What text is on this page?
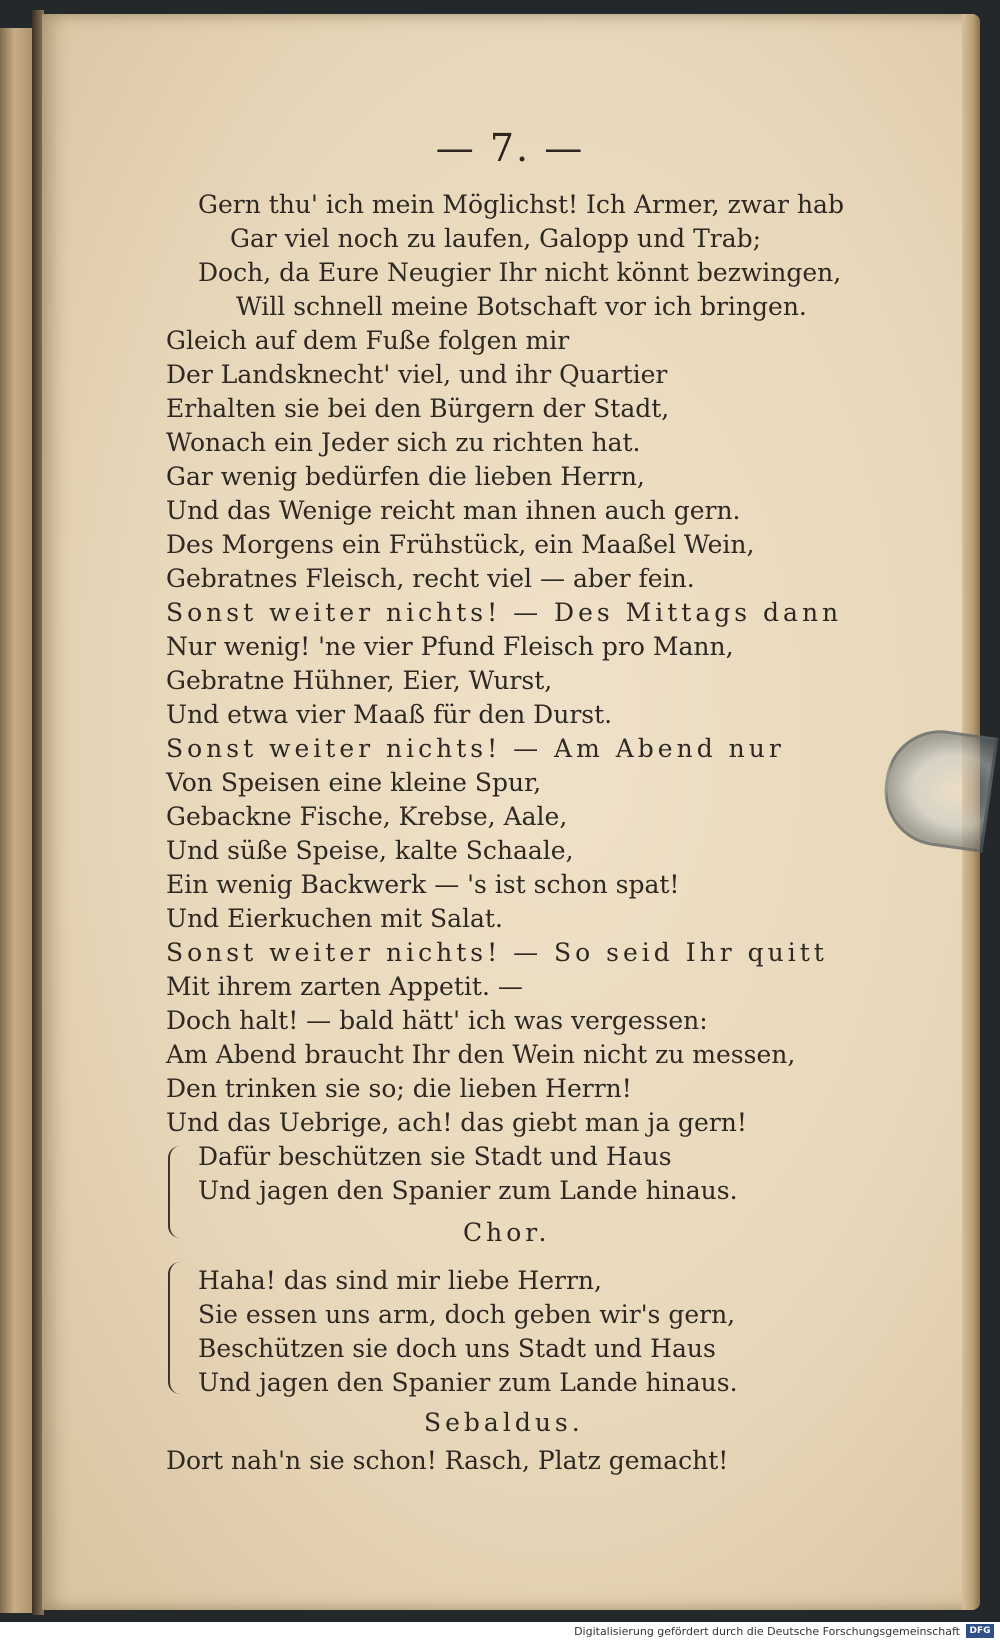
— 7. —
Gern thu' ich mein Möglichst! Ich Armer, zwar hab
Gar viel noch zu laufen, Galopp und Trab;
Doch, da Eure Neugier Ihr nicht könnt bezwingen,
Will schnell meine Botschaft vor ich bringen.
Gleich auf dem Fuße folgen mir
Der Landsknecht' viel, und ihr Quartier
Erhalten sie bei den Bürgern der Stadt,
Wonach ein Jeder sich zu richten hat.
Gar wenig bedürfen die lieben Herrn,
Und das Wenige reicht man ihnen auch gern.
Des Morgens ein Frühstück, ein Maaßel Wein,
Gebratnes Fleisch, recht viel — aber fein.
Sonst weiter nichts! — Des Mittags dann
Nur wenig! 'ne vier Pfund Fleisch pro Mann,
Gebratne Hühner, Eier, Wurst,
Und etwa vier Maaß für den Durst.
Sonst weiter nichts! — Am Abend nur
Von Speisen eine kleine Spur,
Gebackne Fische, Krebse, Aale,
Und süße Speise, kalte Schaale,
Ein wenig Backwerk — 's ist schon spat!
Und Eierkuchen mit Salat.
Sonst weiter nichts! — So seid Ihr quitt
Mit ihrem zarten Appetit. —
Doch halt! — bald hätt' ich was vergessen:
Am Abend braucht Ihr den Wein nicht zu messen,
Den trinken sie so; die lieben Herrn!
Und das Uebrige, ach! das giebt man ja gern!
Dafür beschützen sie Stadt und Haus
Und jagen den Spanier zum Lande hinaus.
Chor.
Haha! das sind mir liebe Herrn,
Sie essen uns arm, doch geben wir's gern,
Beschützen sie doch uns Stadt und Haus
Und jagen den Spanier zum Lande hinaus.
Sebaldus.
Dort nah'n sie schon! Rasch, Platz gemacht!
Digitalisierung gefördert durch die Deutsche Forschungsgemeinschaft	DFG
